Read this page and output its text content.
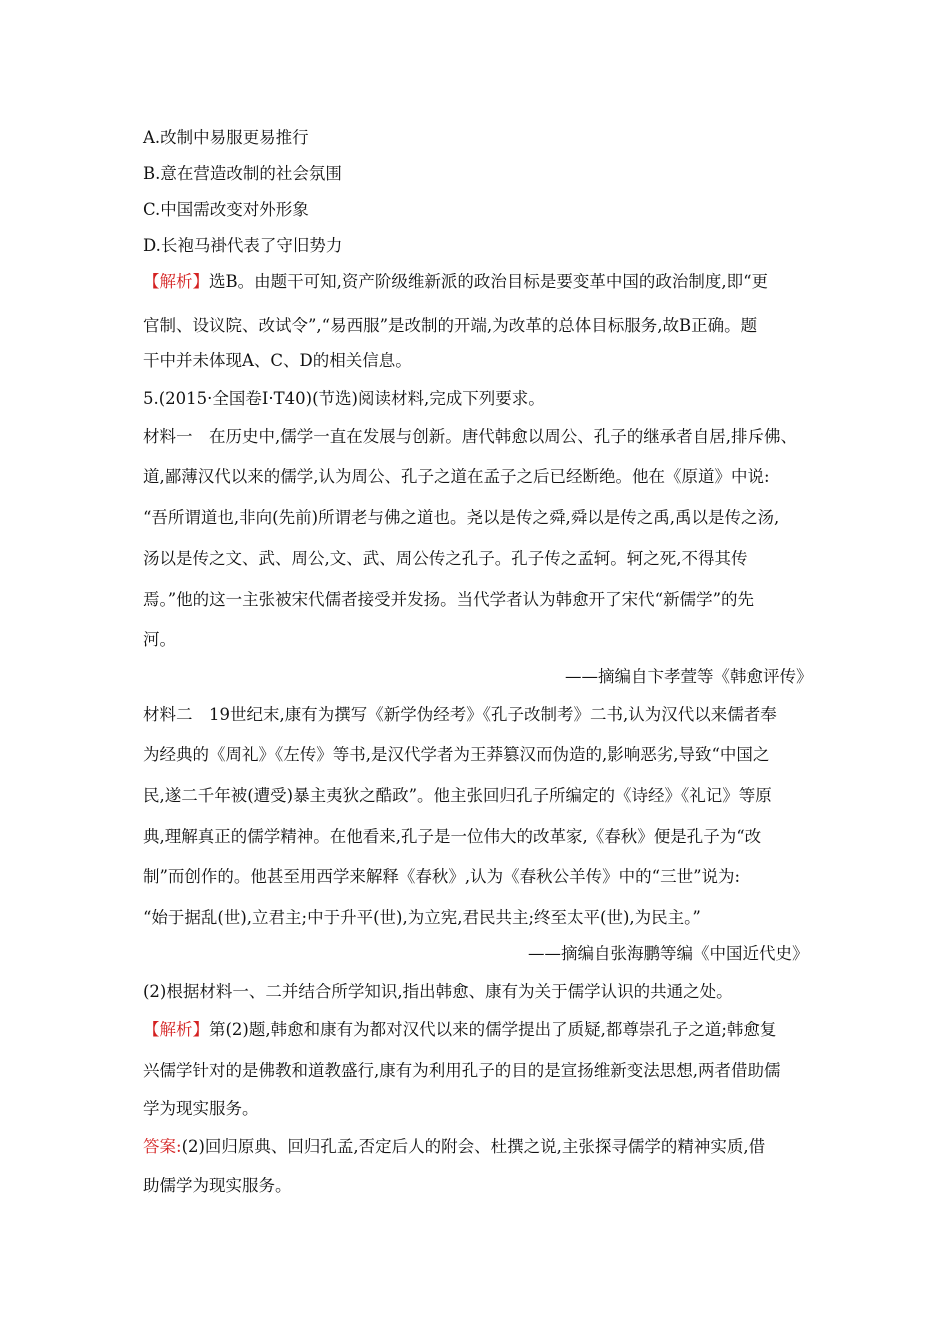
A.改制中易服更易推行
B.意在营造改制的社会氛围
C.中国需改变对外形象
D.长袍马褂代表了守旧势力
【解析】选B。由题干可知,资产阶级维新派的政治目标是要变革中国的政治制度,即“更
官制、设议院、改试令”,“易西服”是改制的开端,为改革的总体目标服务,故B正确。题
干中并未体现A、C、D的相关信息。
5.(2015·全国卷Ⅰ·T40)(节选)阅读材料,完成下列要求。
材料一　在历史中,儒学一直在发展与创新。唐代韩愈以周公、孔子的继承者自居,排斥佛、
道,鄙薄汉代以来的儒学,认为周公、孔子之道在孟子之后已经断绝。他在《原道》中说:
“吾所谓道也,非向(先前)所谓老与佛之道也。尧以是传之舜,舜以是传之禹,禹以是传之汤,
汤以是传之文、武、周公,文、武、周公传之孔子。孔子传之孟轲。轲之死,不得其传
焉。”他的这一主张被宋代儒者接受并发扬。当代学者认为韩愈开了宋代“新儒学”的先
河。
——摘编自卞孝萱等《韩愈评传》
材料二　19世纪末,康有为撰写《新学伪经考》《孔子改制考》二书,认为汉代以来儒者奉
为经典的《周礼》《左传》等书,是汉代学者为王莽篡汉而伪造的,影响恶劣,导致“中国之
民,遂二千年被(遭受)暴主夷狄之酷政”。他主张回归孔子所编定的《诗经》《礼记》等原
典,理解真正的儒学精神。在他看来,孔子是一位伟大的改革家,《春秋》便是孔子为“改
制”而创作的。他甚至用西学来解释《春秋》,认为《春秋公羊传》中的“三世”说为:
“始于据乱(世),立君主;中于升平(世),为立宪,君民共主;终至太平(世),为民主。”
——摘编自张海鹏等编《中国近代史》
(2)根据材料一、二并结合所学知识,指出韩愈、康有为关于儒学认识的共通之处。
【解析】第(2)题,韩愈和康有为都对汉代以来的儒学提出了质疑,都尊崇孔子之道;韩愈复
兴儒学针对的是佛教和道教盛行,康有为利用孔子的目的是宣扬维新变法思想,两者借助儒
学为现实服务。
答案:(2)回归原典、回归孔孟,否定后人的附会、杜撰之说,主张探寻儒学的精神实质,借
助儒学为现实服务。
